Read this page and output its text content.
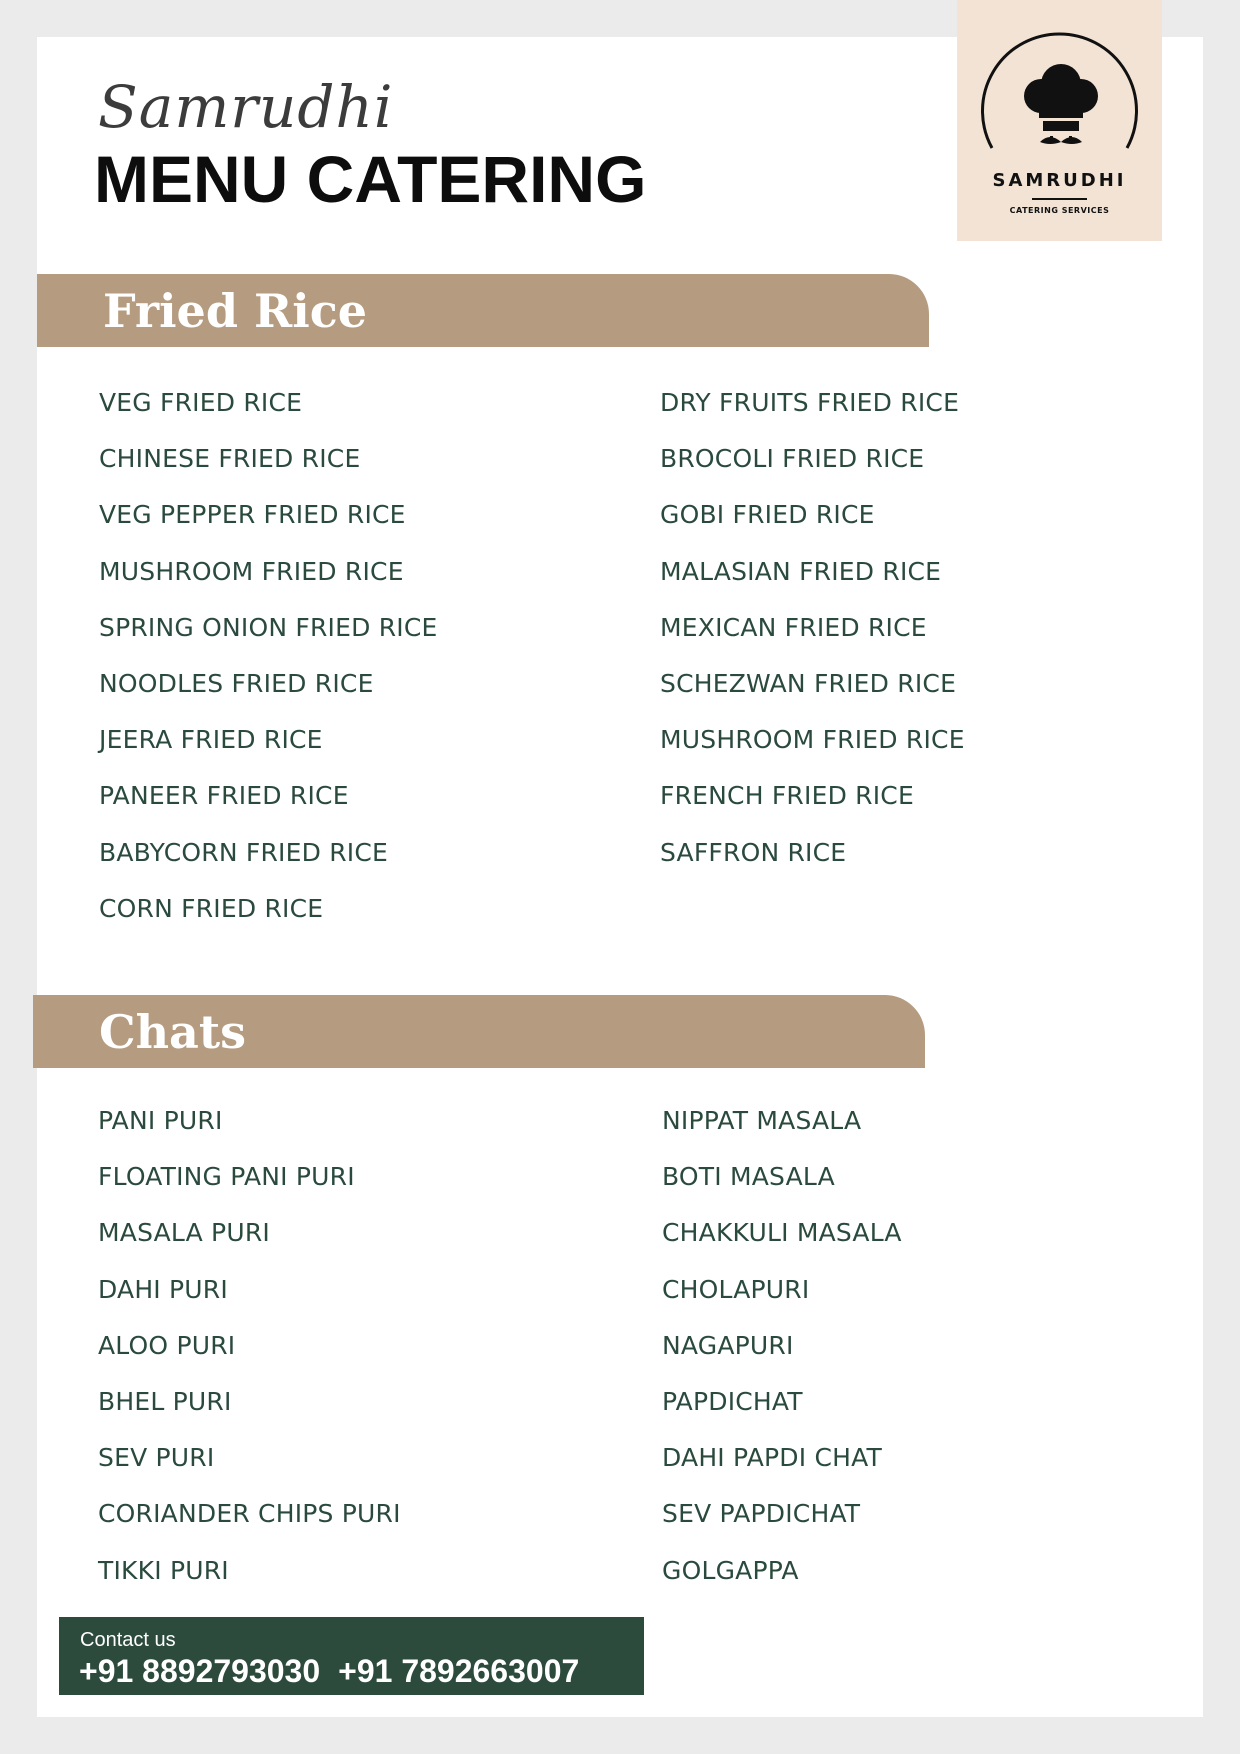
Samrudhi
MENU CATERING	SAMRUDHI
CATERING SERVICES
Fried Rice
VEG FRIED RICE
CHINESE FRIED RICE
VEG PEPPER FRIED RICE
MUSHROOM FRIED RICE
SPRING ONION FRIED RICE
NOODLES FRIED RICE
JEERA FRIED RICE
PANEER FRIED RICE
BABYCORN FRIED RICE
CORN FRIED RICE
DRY FRUITS FRIED RICE
BROCOLI FRIED RICE
GOBI FRIED RICE
MALASIAN FRIED RICE
MEXICAN FRIED RICE
SCHEZWAN FRIED RICE
MUSHROOM FRIED RICE
FRENCH FRIED RICE
SAFFRON RICE
Chats
PANI PURI
FLOATING PANI PURI
MASALA PURI
DAHI PURI
ALOO PURI
BHEL PURI
SEV PURI
CORIANDER CHIPS PURI
TIKKI PURI
NIPPAT MASALA
BOTI MASALA
CHAKKULI MASALA
CHOLAPURI
NAGAPURI
PAPDICHAT
DAHI PAPDI CHAT
SEV PAPDICHAT
GOLGAPPA
Contact us
+91 8892793030 +91 7892663007
